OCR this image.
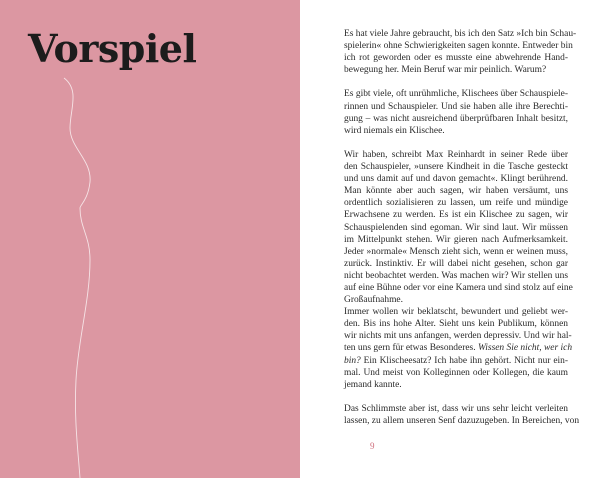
Vorspiel	Es hat viele Jahre gebraucht, bis ich den Satz »Ich bin Schau-
spielerin« ohne Schwierigkeiten sagen konnte. Entweder bin
ich rot geworden oder es musste eine abwehrende Hand-
bewegung her. Mein Beruf war mir peinlich. Warum?

Es gibt viele, oft unrühmliche, Klischees über Schauspiele-
rinnen und Schauspieler. Und sie haben alle ihre Berechti-
gung – was nicht ausreichend überprüfbaren Inhalt besitzt,
wird niemals ein Klischee.

Wir haben, schreibt Max Reinhardt in seiner Rede über
den Schauspieler, »unsere Kindheit in die Tasche gesteckt
und uns damit auf und davon gemacht«. Klingt berührend.
Man könnte aber auch sagen, wir haben versäumt, uns
ordentlich sozialisieren zu lassen, um reife und mündige
Erwachsene zu werden. Es ist ein Klischee zu sagen, wir
Schauspielenden sind egoman. Wir sind laut. Wir müssen
im Mittelpunkt stehen. Wir gieren nach Aufmerksamkeit.
Jeder »normale« Mensch zieht sich, wenn er weinen muss,
zurück. Instinktiv. Er will dabei nicht gesehen, schon gar
nicht beobachtet werden. Was machen wir? Wir stellen uns
auf eine Bühne oder vor eine Kamera und sind stolz auf eine
Großaufnahme.

Immer wollen wir beklatscht, bewundert und geliebt wer-
den. Bis ins hohe Alter. Sieht uns kein Publikum, können
wir nichts mit uns anfangen, werden depressiv. Und wir hal-
ten uns gern für etwas Besonderes. Wissen Sie nicht, wer ich
bin? Ein Klischeesatz? Ich habe ihn gehört. Nicht nur ein-
mal. Und meist von Kolleginnen oder Kollegen, die kaum
jemand kannte.

Das Schlimmste aber ist, dass wir uns sehr leicht verleiten
lassen, zu allem unseren Senf dazuzugeben. In Bereichen, von

9
